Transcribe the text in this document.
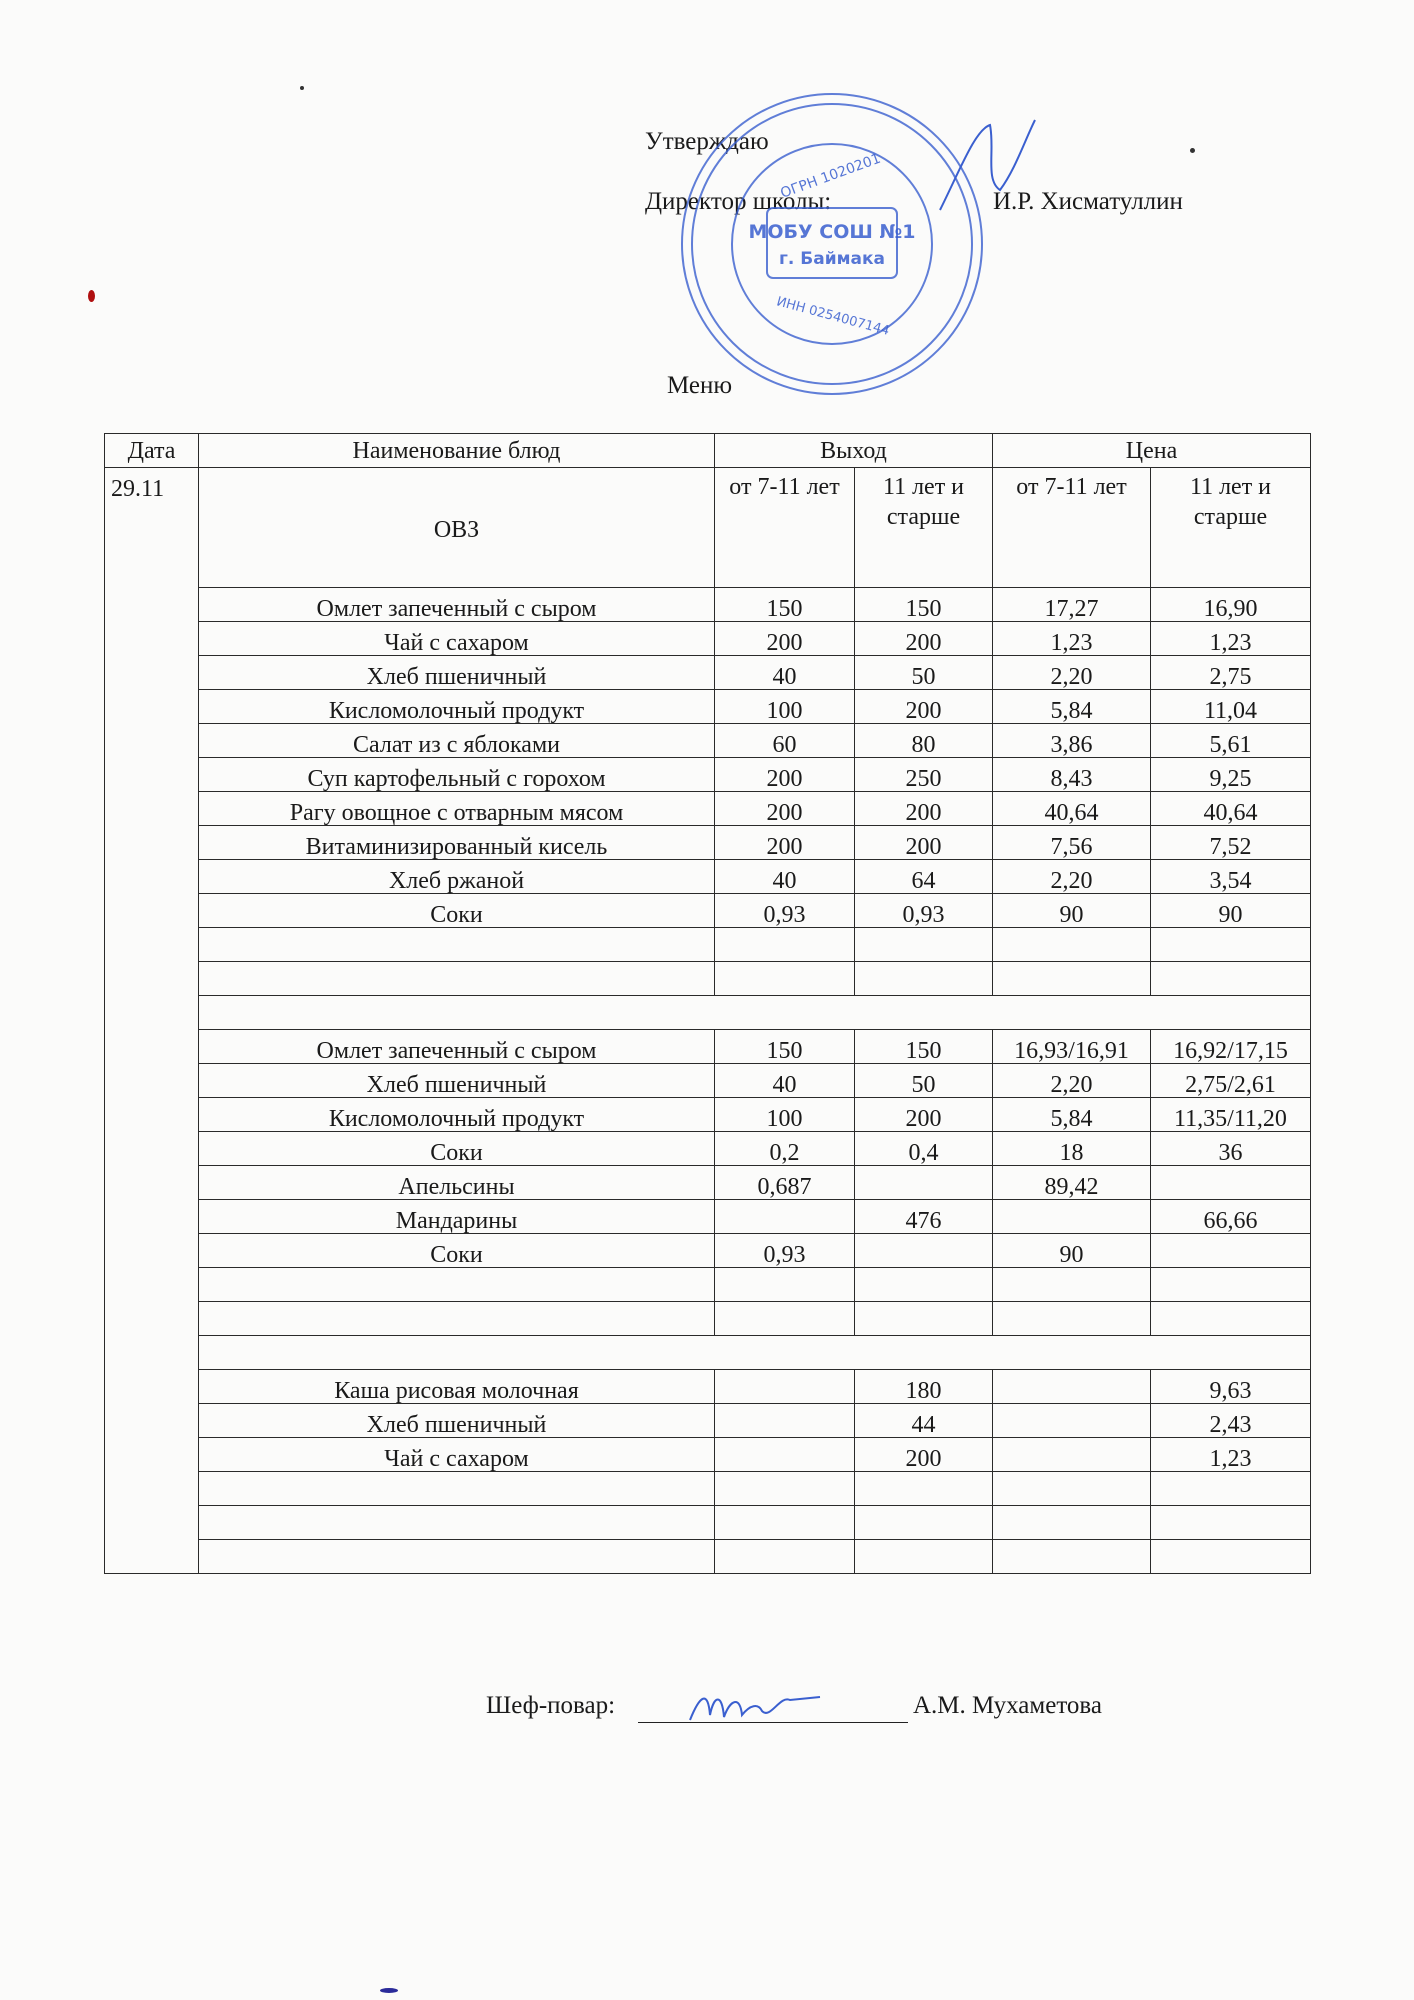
Утверждаю
Директор школы:	И.Р. Хисматуллин
Меню
МОБУ СОШ №1
г. Баймака
ОГРН 1020201
ИНН 0254007144
Дата	Наименование блюд	Выход		Цена	
29.11	ОВЗ	от 7-11 лет	11 лет и старше	от 7-11 лет	11 лет и старше
	Омлет запеченный с сыром	150	150	17,27	16,90
	Чай с сахаром	200	200	1,23	1,23
	Хлеб пшеничный	40	50	2,20	2,75
	Кисломолочный продукт	100	200	5,84	11,04
	Салат из с яблоками	60	80	3,86	5,61
	Суп картофельный с горохом	200	250	8,43	9,25
	Рагу овощное с отварным мясом	200	200	40,64	40,64
	Витаминизированный кисель	200	200	7,56	7,52
	Хлеб ржаной	40	64	2,20	3,54
	Соки	0,93	0,93	90	90

	Омлет запеченный с сыром	150	150	16,93/16,91	16,92/17,15
	Хлеб пшеничный	40	50	2,20	2,75/2,61
	Кисломолочный продукт	100	200	5,84	11,35/11,20
	Соки	0,2	0,4	18	36
	Апельсины	0,687		89,42	
	Мандарины		476		66,66
	Соки	0,93		90	

	Каша рисовая молочная		180		9,63
	Хлеб пшеничный		44		2,43
	Чай с сахаром		200		1,23

Шеф-повар:	А.М. Мухаметова
